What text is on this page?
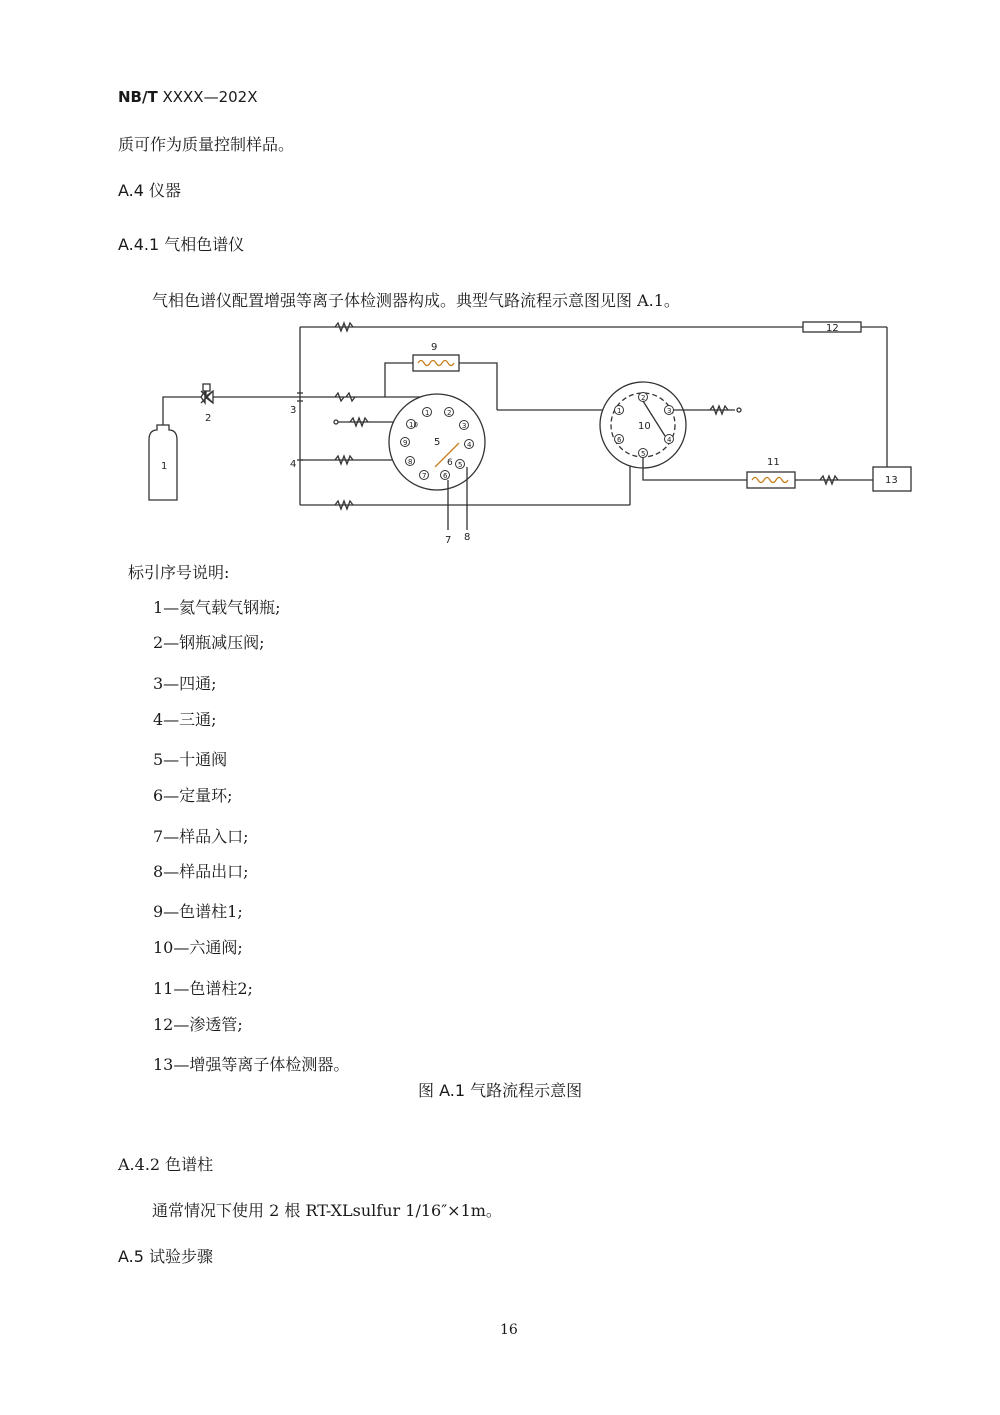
NB/T XXXX—202X
质可作为质量控制样品。
A.4 仪器
A.4.1 气相色谱仪
气相色谱仪配置增强等离子体检测器构成。典型气路流程示意图见图 A.1。
1
2
3
4
12
9
5
1	2
3
4
5
6
7
8
9
10
6
7 8
10
1
2
3
4
5
6
11
13
标引序号说明:
1—氦气载气钢瓶;
2—钢瓶减压阀;
3—四通;
4—三通;
5—十通阀
6—定量环;
7—样品入口;
8—样品出口;
9—色谱柱1;
10—六通阀;
11—色谱柱2;
12—渗透管;
13—增强等离子体检测器。
图 A.1 气路流程示意图
A.4.2 色谱柱
通常情况下使用 2 根 RT-XLsulfur 1/16″×1m。
A.5 试验步骤
16
